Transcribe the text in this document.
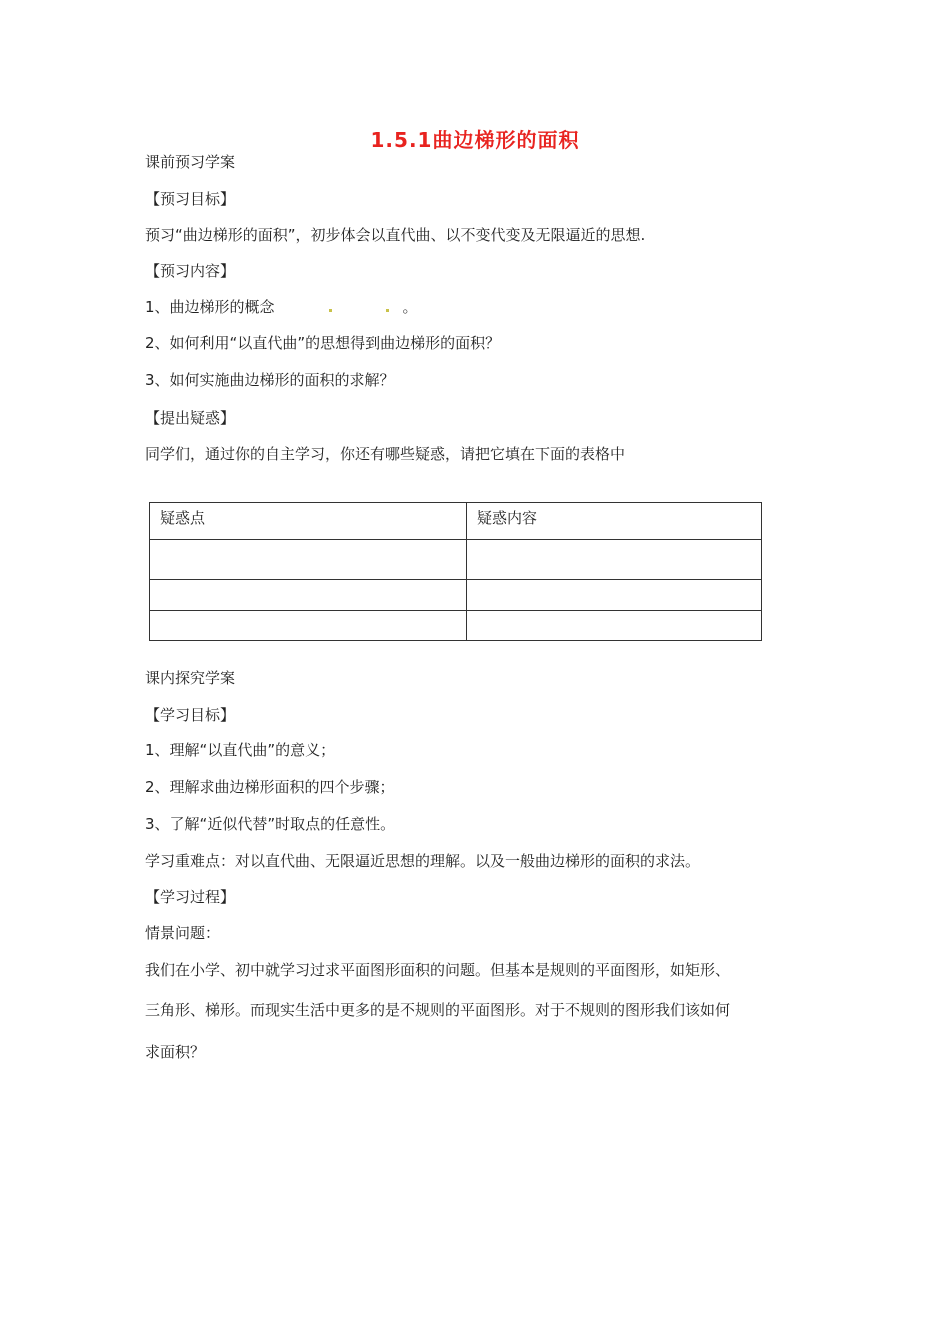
1.5.1曲边梯形的面积
课前预习学案
【预习目标】
预习“曲边梯形的面积”，初步体会以直代曲、以不变代变及无限逼近的思想.
【预习内容】
1、曲边梯形的概念	。
2、如何利用“以直代曲”的思想得到曲边梯形的面积？
3、如何实施曲边梯形的面积的求解？
【提出疑惑】
同学们，通过你的自主学习，你还有哪些疑惑，请把它填在下面的表格中
疑惑点	疑惑内容

课内探究学案
【学习目标】
1、理解“以直代曲”的意义；
2、理解求曲边梯形面积的四个步骤；
3、了解“近似代替”时取点的任意性。
学习重难点：对以直代曲、无限逼近思想的理解。以及一般曲边梯形的面积的求法。
【学习过程】
情景问题：
我们在小学、初中就学习过求平面图形面积的问题。但基本是规则的平面图形，如矩形、
三角形、梯形。而现实生活中更多的是不规则的平面图形。对于不规则的图形我们该如何
求面积？
